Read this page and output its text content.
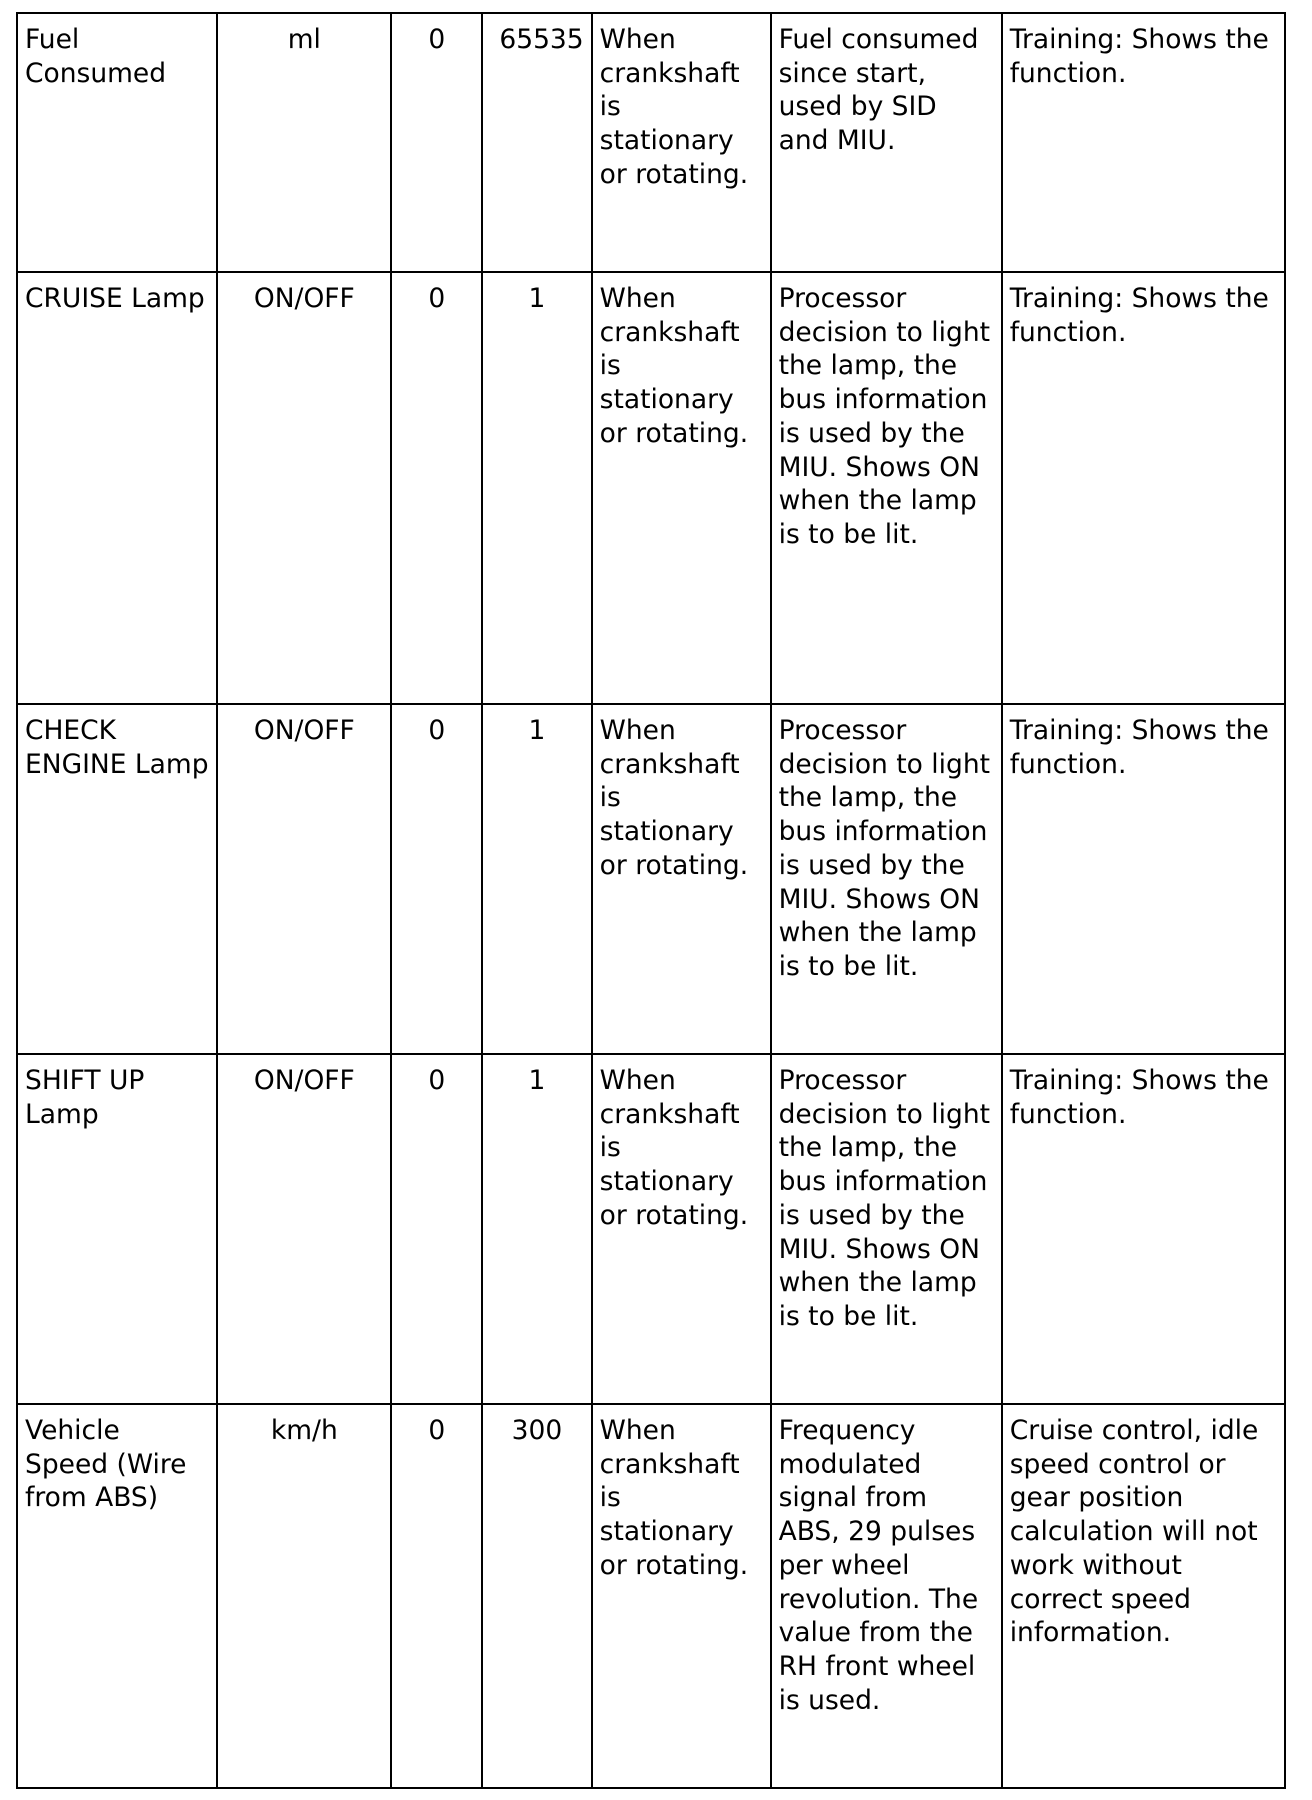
Fuel Consumed	ml	0	65535	When crankshaft is stationary or rotating.	Fuel consumed since start, used by SID and MIU.	Training: Shows the function.
CRUISE Lamp	ON/OFF	0	1	When crankshaft is stationary or rotating.	Processor decision to light the lamp, the bus information is used by the MIU. Shows ON when the lamp is to be lit.	Training: Shows the function.
CHECK ENGINE Lamp	ON/OFF	0	1	When crankshaft is stationary or rotating.	Processor decision to light the lamp, the bus information is used by the MIU. Shows ON when the lamp is to be lit.	Training: Shows the function.
SHIFT UP Lamp	ON/OFF	0	1	When crankshaft is stationary or rotating.	Processor decision to light the lamp, the bus information is used by the MIU. Shows ON when the lamp is to be lit.	Training: Shows the function.
Vehicle Speed (Wire from ABS)	km/h	0	300	When crankshaft is stationary or rotating.	Frequency modulated signal from ABS, 29 pulses per wheel revolution. The value from the RH front wheel is used.	Cruise control, idle speed control or gear position calculation will not work without correct speed information.
